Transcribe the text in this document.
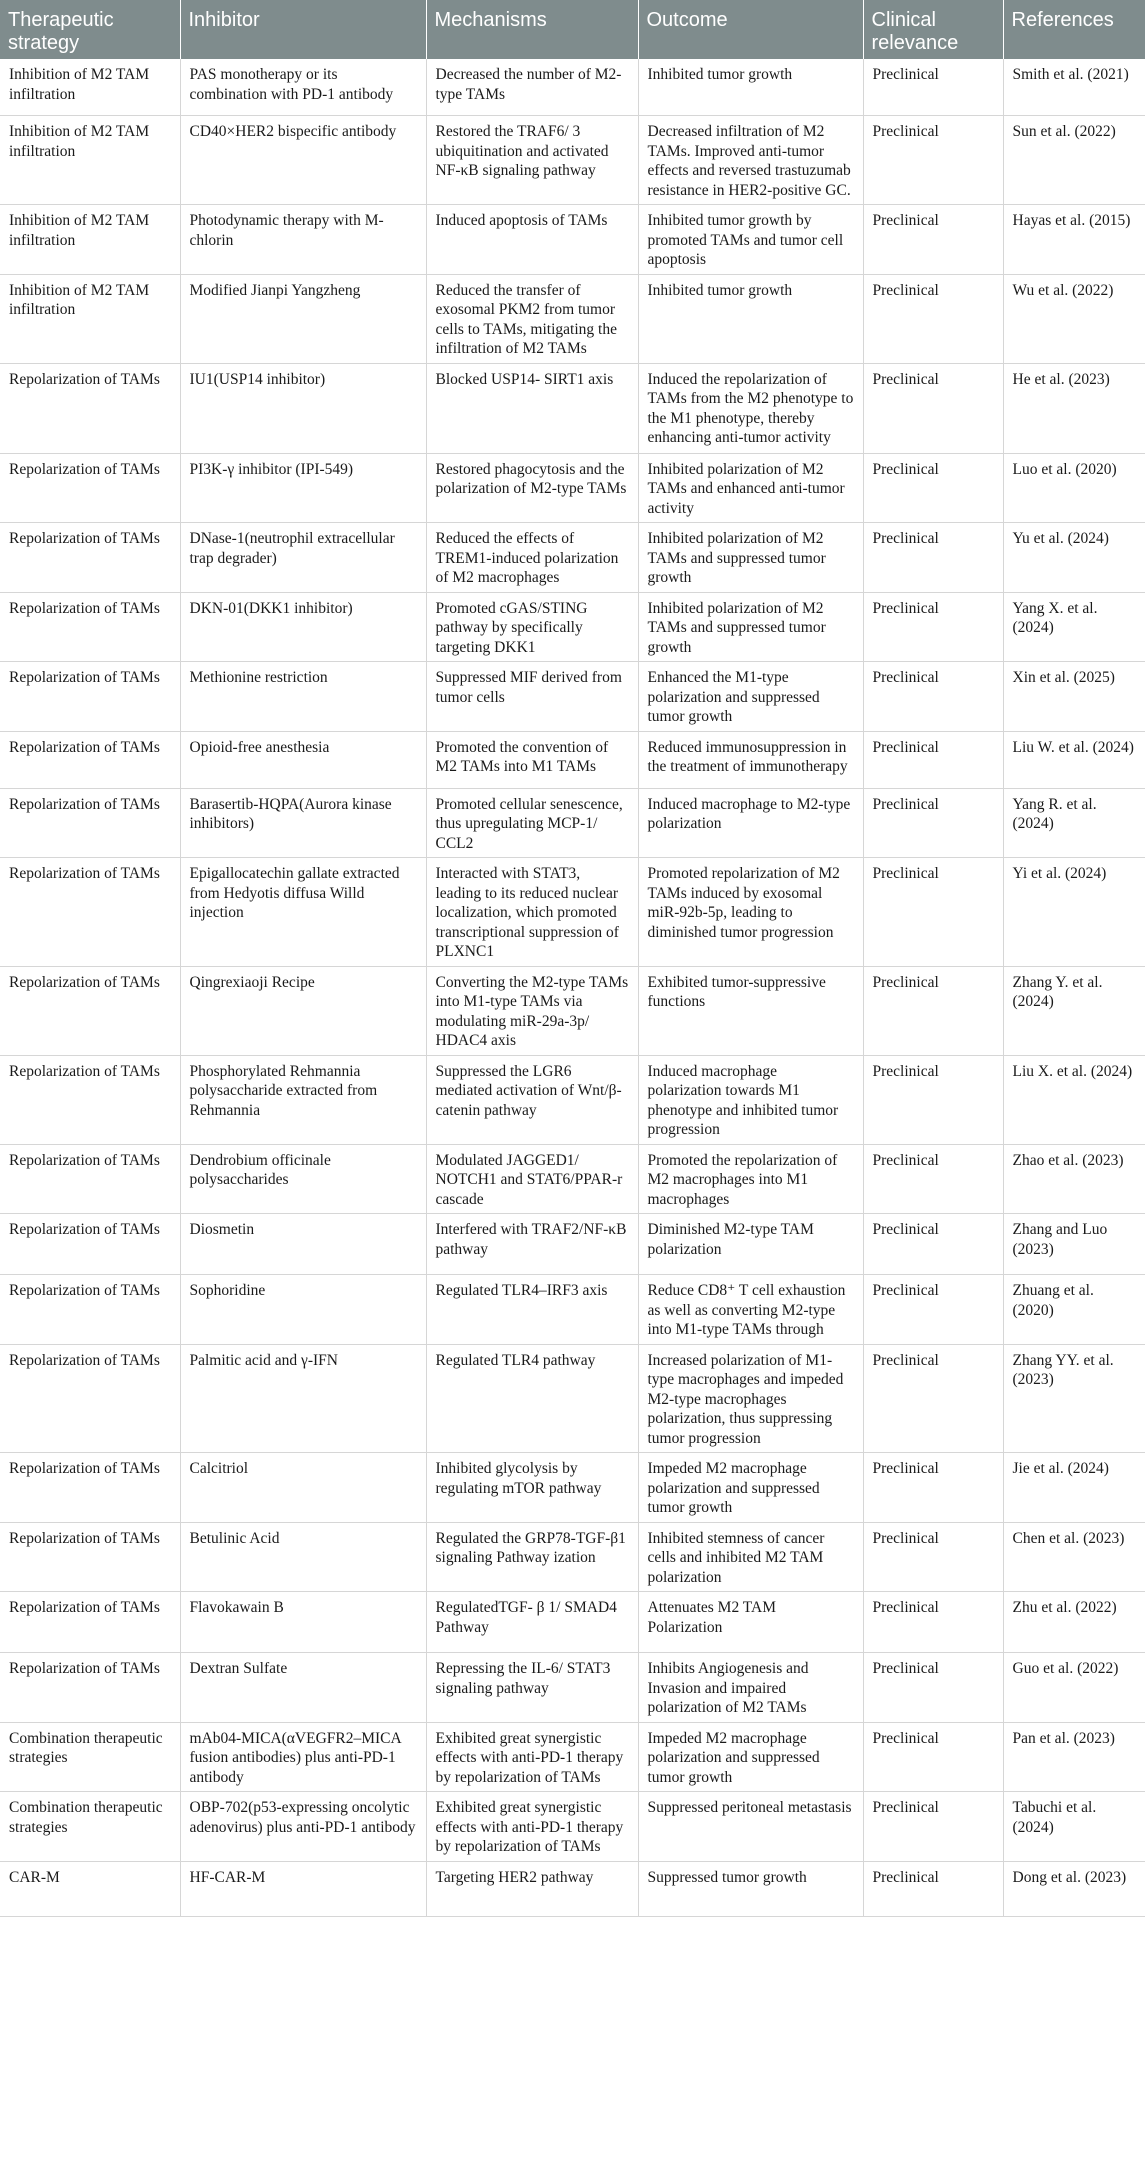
Therapeutic strategy	Inhibitor	Mechanisms	Outcome	Clinical relevance	References
Inhibition of M2 TAM infiltration	PAS monotherapy or its combination with PD-1 antibody	Decreased the number of M2-type TAMs	Inhibited tumor growth	Preclinical	Smith et al. (2021)
Inhibition of M2 TAM infiltration	CD40×HER2 bispecific antibody	Restored the TRAF6/ 3 ubiquitination and activated NF-κB signaling pathway	Decreased infiltration of M2 TAMs. Improved anti-tumor effects and reversed trastuzumab resistance in HER2-positive GC.	Preclinical	Sun et al. (2022)
Inhibition of M2 TAM infiltration	Photodynamic therapy with M-chlorin	Induced apoptosis of TAMs	Inhibited tumor growth by promoted TAMs and tumor cell apoptosis	Preclinical	Hayas et al. (2015)
Inhibition of M2 TAM infiltration	Modified Jianpi Yangzheng	Reduced the transfer of exosomal PKM2 from tumor cells to TAMs, mitigating the infiltration of M2 TAMs	Inhibited tumor growth	Preclinical	Wu et al. (2022)
Repolarization of TAMs	IU1(USP14 inhibitor)	Blocked USP14- SIRT1 axis	Induced the repolarization of TAMs from the M2 phenotype to the M1 phenotype, thereby enhancing anti-tumor activity	Preclinical	He et al. (2023)
Repolarization of TAMs	PI3K-γ inhibitor (IPI-549)	Restored phagocytosis and the polarization of M2-type TAMs	Inhibited polarization of M2 TAMs and enhanced anti-tumor activity	Preclinical	Luo et al. (2020)
Repolarization of TAMs	DNase-1(neutrophil extracellular trap degrader)	Reduced the effects of TREM1-induced polarization of M2 macrophages	Inhibited polarization of M2 TAMs and suppressed tumor growth	Preclinical	Yu et al. (2024)
Repolarization of TAMs	DKN-01(DKK1 inhibitor)	Promoted cGAS/STING pathway by specifically targeting DKK1	Inhibited polarization of M2 TAMs and suppressed tumor growth	Preclinical	Yang X. et al. (2024)
Repolarization of TAMs	Methionine restriction	Suppressed MIF derived from tumor cells	Enhanced the M1-type polarization and suppressed tumor growth	Preclinical	Xin et al. (2025)
Repolarization of TAMs	Opioid-free anesthesia	Promoted the convention of M2 TAMs into M1 TAMs	Reduced immunosuppression in the treatment of immunotherapy	Preclinical	Liu W. et al. (2024)
Repolarization of TAMs	Barasertib-HQPA(Aurora kinase inhibitors)	Promoted cellular senescence, thus upregulating MCP-1/ CCL2	Induced macrophage to M2-type polarization	Preclinical	Yang R. et al. (2024)
Repolarization of TAMs	Epigallocatechin gallate extracted from Hedyotis diffusa Willd injection	Interacted with STAT3, leading to its reduced nuclear localization, which promoted transcriptional suppression of PLXNC1	Promoted repolarization of M2 TAMs induced by exosomal miR-92b-5p, leading to diminished tumor progression	Preclinical	Yi et al. (2024)
Repolarization of TAMs	Qingrexiaoji Recipe	Converting the M2-type TAMs into M1-type TAMs via modulating miR-29a-3p/ HDAC4 axis	Exhibited tumor-suppressive functions	Preclinical	Zhang Y. et al. (2024)
Repolarization of TAMs	Phosphorylated Rehmannia polysaccharide extracted from Rehmannia	Suppressed the LGR6 mediated activation of Wnt/β-catenin pathway	Induced macrophage polarization towards M1 phenotype and inhibited tumor progression	Preclinical	Liu X. et al. (2024)
Repolarization of TAMs	Dendrobium officinale polysaccharides	Modulated JAGGED1/ NOTCH1 and STAT6/PPAR-r cascade	Promoted the repolarization of M2 macrophages into M1 macrophages	Preclinical	Zhao et al. (2023)
Repolarization of TAMs	Diosmetin	Interfered with TRAF2/NF-κB pathway	Diminished M2-type TAM polarization	Preclinical	Zhang and Luo (2023)
Repolarization of TAMs	Sophoridine	Regulated TLR4–IRF3 axis	Reduce CD8⁺ T cell exhaustion as well as converting M2-type into M1-type TAMs through	Preclinical	Zhuang et al. (2020)
Repolarization of TAMs	Palmitic acid and γ-IFN	Regulated TLR4 pathway	Increased polarization of M1-type macrophages and impeded M2-type macrophages polarization, thus suppressing tumor progression	Preclinical	Zhang YY. et al. (2023)
Repolarization of TAMs	Calcitriol	Inhibited glycolysis by regulating mTOR pathway	Impeded M2 macrophage polarization and suppressed tumor growth	Preclinical	Jie et al. (2024)
Repolarization of TAMs	Betulinic Acid	Regulated the GRP78-TGF-β1 signaling Pathway ization	Inhibited stemness of cancer cells and inhibited M2 TAM polarization	Preclinical	Chen et al. (2023)
Repolarization of TAMs	Flavokawain B	RegulatedTGF- β 1/ SMAD4 Pathway	Attenuates M2 TAM Polarization	Preclinical	Zhu et al. (2022)
Repolarization of TAMs	Dextran Sulfate	Repressing the IL-6/ STAT3 signaling pathway	Inhibits Angiogenesis and Invasion and impaired polarization of M2 TAMs	Preclinical	Guo et al. (2022)
Combination therapeutic strategies	mAb04-MICA(αVEGFR2–MICA fusion antibodies) plus anti-PD-1 antibody	Exhibited great synergistic effects with anti-PD-1 therapy by repolarization of TAMs	Impeded M2 macrophage polarization and suppressed tumor growth	Preclinical	Pan et al. (2023)
Combination therapeutic strategies	OBP-702(p53-expressing oncolytic adenovirus) plus anti-PD-1 antibody	Exhibited great synergistic effects with anti-PD-1 therapy by repolarization of TAMs	Suppressed peritoneal metastasis	Preclinical	Tabuchi et al. (2024)
CAR-M	HF-CAR-M	Targeting HER2 pathway	Suppressed tumor growth	Preclinical	Dong et al. (2023)
